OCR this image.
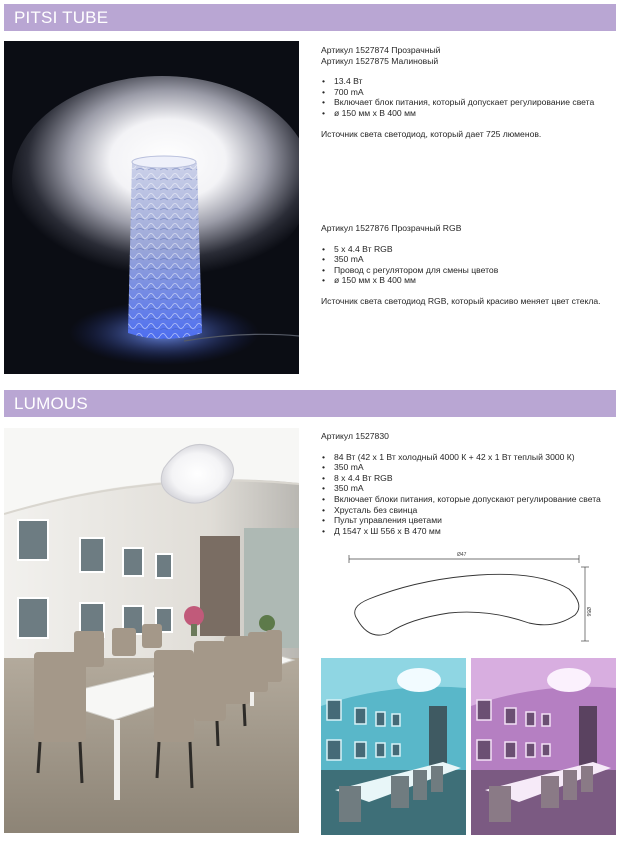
PITSI TUBE

Артикул 1527874 Прозрачный

Артикул 1527875 Малиновый

• 13.4 Вт
• 700 mA
• Включает блок питания, который допускает регулирование света
• ø 150 мм х В 400 мм

Источник света светодиод, который дает 725 люменов.

Артикул 1527876 Прозрачный RGB

• 5 х 4.4 Вт RGB
• 350 mA
• Провод с регулятором для смены цветов
• ø 150 мм х В 400 мм

Источник света светодиод RGB, который красиво меняет цвет стекла.

LUMOUS

Артикул 1527830

• 84 Вт (42 х 1 Вт холодный 4000 К + 42 х 1 Вт теплый 3000 К)
• 350 mA
• 8 x 4.4 Вт RGB
• 350 mA
• Включает блоки питания, которые допускают регулирование света
• Хрусталь без свинца
• Пульт управления цветами
• Д 1547 х Ш 556 х В 470 мм
Ø47
Ø56
